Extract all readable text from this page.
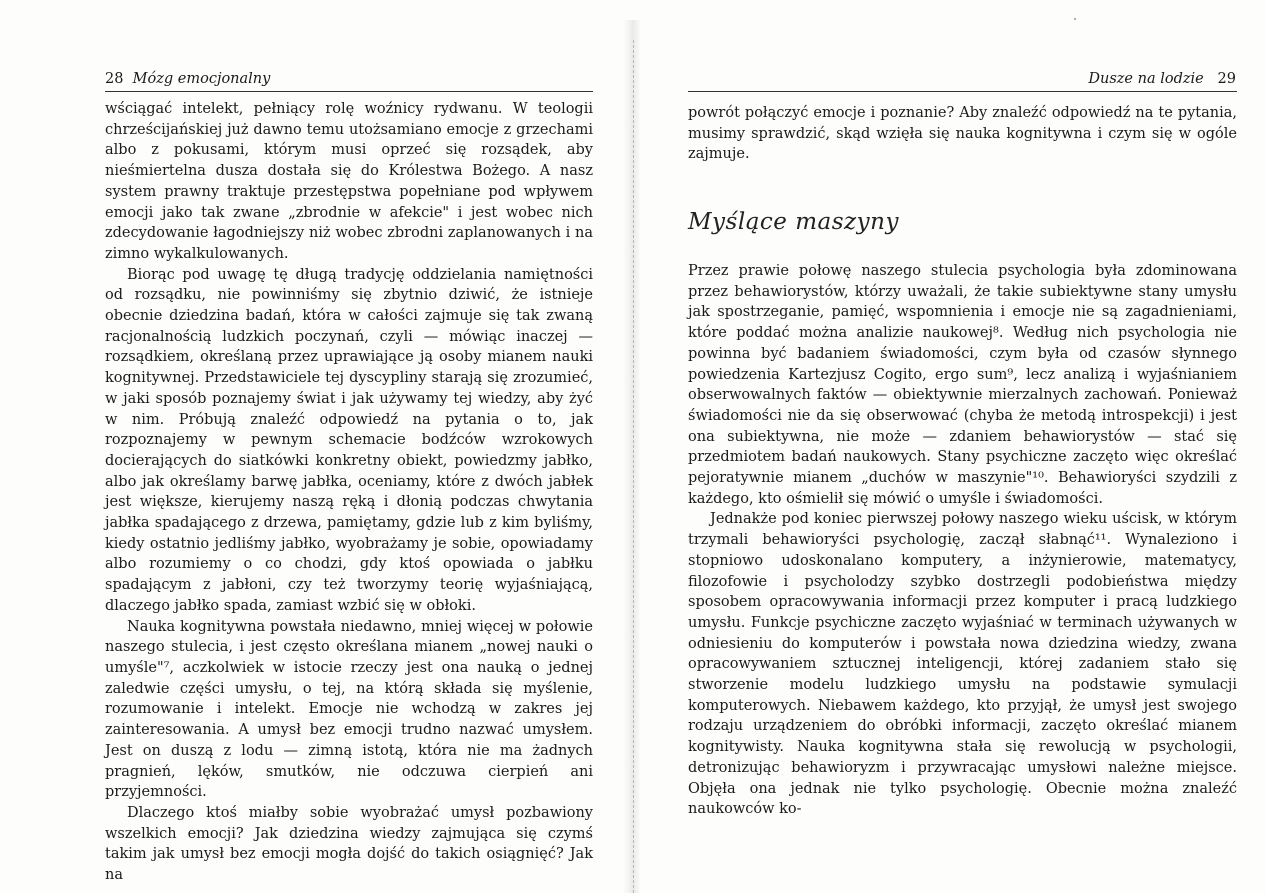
28 Mózg emocjonalny

wściągać intelekt, pełniący rolę woźnicy rydwanu. W teologii chrześcijańskiej już dawno temu utożsamiano emocje z grzechami albo z pokusami, którym musi oprzeć się rozsądek, aby nieśmiertelna dusza dostała się do Królestwa Bożego. A nasz system prawny traktuje przestępstwa popełniane pod wpływem emocji jako tak zwane „zbrodnie w afekcie" i jest wobec nich zdecydowanie łagodniejszy niż wobec zbrodni zaplanowanych i na zimno wykalkulowanych.

Biorąc pod uwagę tę długą tradycję oddzielania namiętności od rozsądku, nie powinniśmy się zbytnio dziwić, że istnieje obecnie dziedzina badań, która w całości zajmuje się tak zwaną racjonalnością ludzkich poczynań, czyli — mówiąc inaczej — rozsądkiem, określaną przez uprawiające ją osoby mianem nauki kognitywnej. Przedstawiciele tej dyscypliny starają się zrozumieć, w jaki sposób poznajemy świat i jak używamy tej wiedzy, aby żyć w nim. Próbują znaleźć odpowiedź na pytania o to, jak rozpoznajemy w pewnym schemacie bodźców wzrokowych docierających do siatkówki konkretny obiekt, powiedzmy jabłko, albo jak określamy barwę jabłka, oceniamy, które z dwóch jabłek jest większe, kierujemy naszą ręką i dłonią podczas chwytania jabłka spadającego z drzewa, pamiętamy, gdzie lub z kim byliśmy, kiedy ostatnio jedliśmy jabłko, wyobrażamy je sobie, opowiadamy albo rozumiemy o co chodzi, gdy ktoś opowiada o jabłku spadającym z jabłoni, czy też tworzymy teorię wyjaśniającą, dlaczego jabłko spada, zamiast wzbić się w obłoki.

Nauka kognitywna powstała niedawno, mniej więcej w połowie naszego stulecia, i jest często określana mianem „nowej nauki o umyśle"⁷, aczkolwiek w istocie rzeczy jest ona nauką o jednej zaledwie części umysłu, o tej, na którą składa się myślenie, rozumowanie i intelekt. Emocje nie wchodzą w zakres jej zainteresowania. A umysł bez emocji trudno nazwać umysłem. Jest on duszą z lodu — zimną istotą, która nie ma żadnych pragnień, lęków, smutków, nie odczuwa cierpień ani przyjemności.

Dlaczego ktoś miałby sobie wyobrażać umysł pozbawiony wszelkich emocji? Jak dziedzina wiedzy zajmująca się czymś takim jak umysł bez emocji mogła dojść do takich osiągnięć? Jak na

Dusze na lodzie 29

powrót połączyć emocje i poznanie? Aby znaleźć odpowiedź na te pytania, musimy sprawdzić, skąd wzięła się nauka kognitywna i czym się w ogóle zajmuje.

Myślące maszyny

Przez prawie połowę naszego stulecia psychologia była zdominowana przez behawiorystów, którzy uważali, że takie subiektywne stany umysłu jak spostrzeganie, pamięć, wspomnienia i emocje nie są zagadnieniami, które poddać można analizie naukowej⁸. Według nich psychologia nie powinna być badaniem świadomości, czym była od czasów słynnego powiedzenia Kartezjusz Cogito, ergo sum⁹, lecz analizą i wyjaśnianiem obserwowalnych faktów — obiektywnie mierzalnych zachowań. Ponieważ świadomości nie da się obserwować (chyba że metodą introspekcji) i jest ona subiektywna, nie może — zdaniem behawiorystów — stać się przedmiotem badań naukowych. Stany psychiczne zaczęto więc określać pejoratywnie mianem „duchów w maszynie"¹⁰. Behawioryści szydzili z każdego, kto ośmielił się mówić o umyśle i świadomości.

Jednakże pod koniec pierwszej połowy naszego wieku uścisk, w którym trzymali behawioryści psychologię, zaczął słabnąć¹¹. Wynaleziono i stopniowo udoskonalano komputery, a inżynierowie, matematycy, filozofowie i psycholodzy szybko dostrzegli podobieństwa między sposobem opracowywania informacji przez komputer i pracą ludzkiego umysłu. Funkcje psychiczne zaczęto wyjaśniać w terminach używanych w odniesieniu do komputerów i powstała nowa dziedzina wiedzy, zwana opracowywaniem sztucznej inteligencji, której zadaniem stało się stworzenie modelu ludzkiego umysłu na podstawie symulacji komputerowych. Niebawem każdego, kto przyjął, że umysł jest swojego rodzaju urządzeniem do obróbki informacji, zaczęto określać mianem kognitywisty. Nauka kognitywna stała się rewolucją w psychologii, detronizując behawioryzm i przywracając umysłowi należne miejsce. Objęła ona jednak nie tylko psychologię. Obecnie można znaleźć naukowców ko-
